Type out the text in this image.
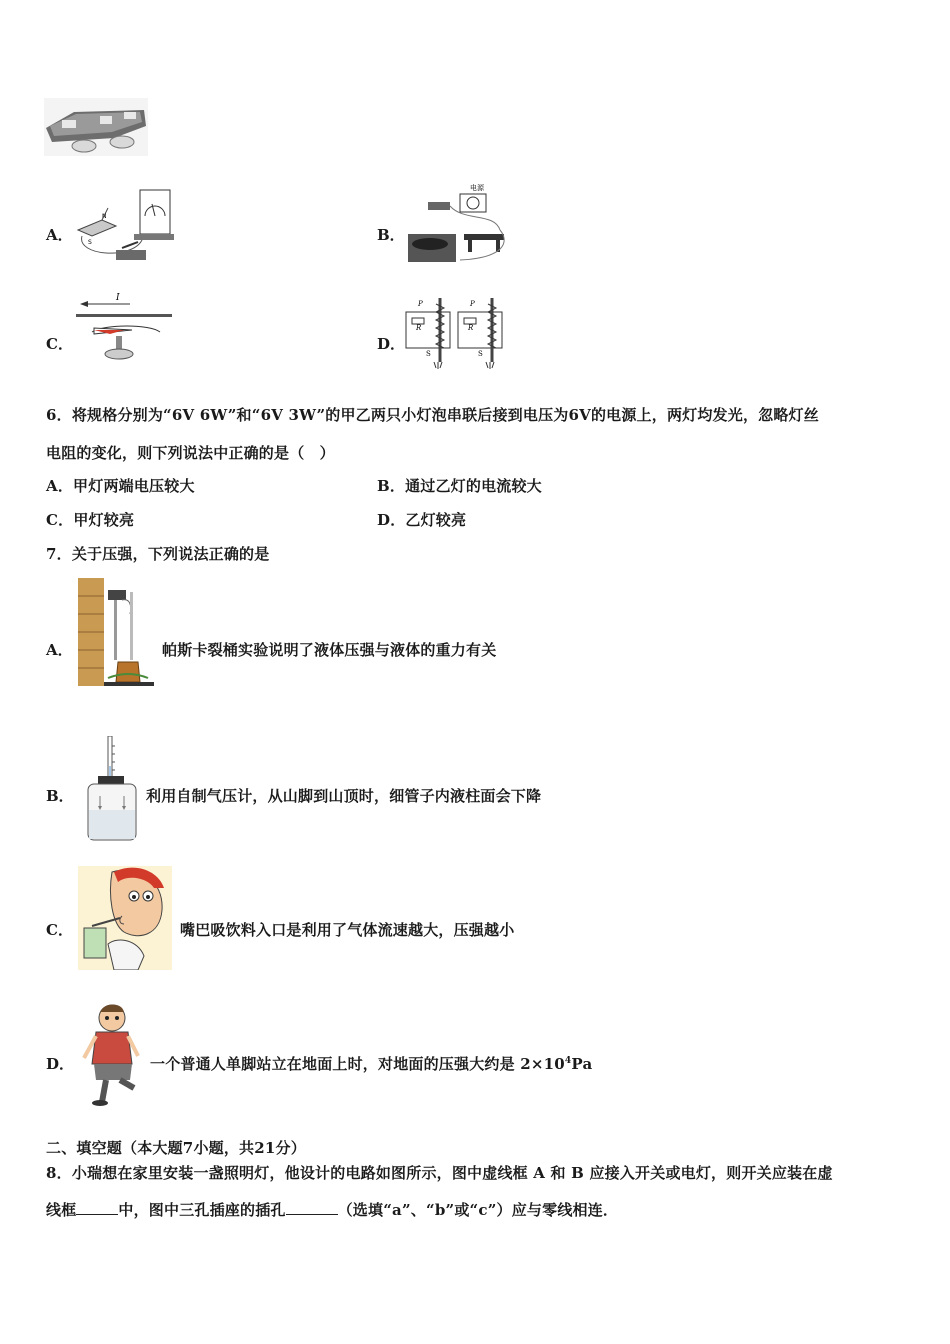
A．
N
S	B．
电源
C．
I
D．
P	P
R	R
S	S
6．将规格分别为“6V 6W”和“6V 3W”的甲乙两只小灯泡串联后接到电压为6V的电源上，两灯均发光，忽略灯丝
电阻的变化，则下列说法中正确的是（　）
A．甲灯两端电压较大	B．通过乙灯的电流较大
C．甲灯较亮	D．乙灯较亮
7．关于压强，下列说法正确的是
A．	帕斯卡裂桶实验说明了液体压强与液体的重力有关
B．	利用自制气压计，从山脚到山顶时，细管子内液柱面会下降
C．	嘴巴吸饮料入口是利用了气体流速越大，压强越小
D．	一个普通人单脚站立在地面上时，对地面的压强大约是 $2\times 10^4Pa$
二、填空题（本大题7小题，共21分）
8．小瑞想在家里安装一盏照明灯，他设计的电路如图所示，图中虚线框 A 和 B 应接入开关或电灯，则开关应装在虚
线框	中，图中三孔插座的插孔	（选填“a”、“b”或“c”）应与零线相连．
